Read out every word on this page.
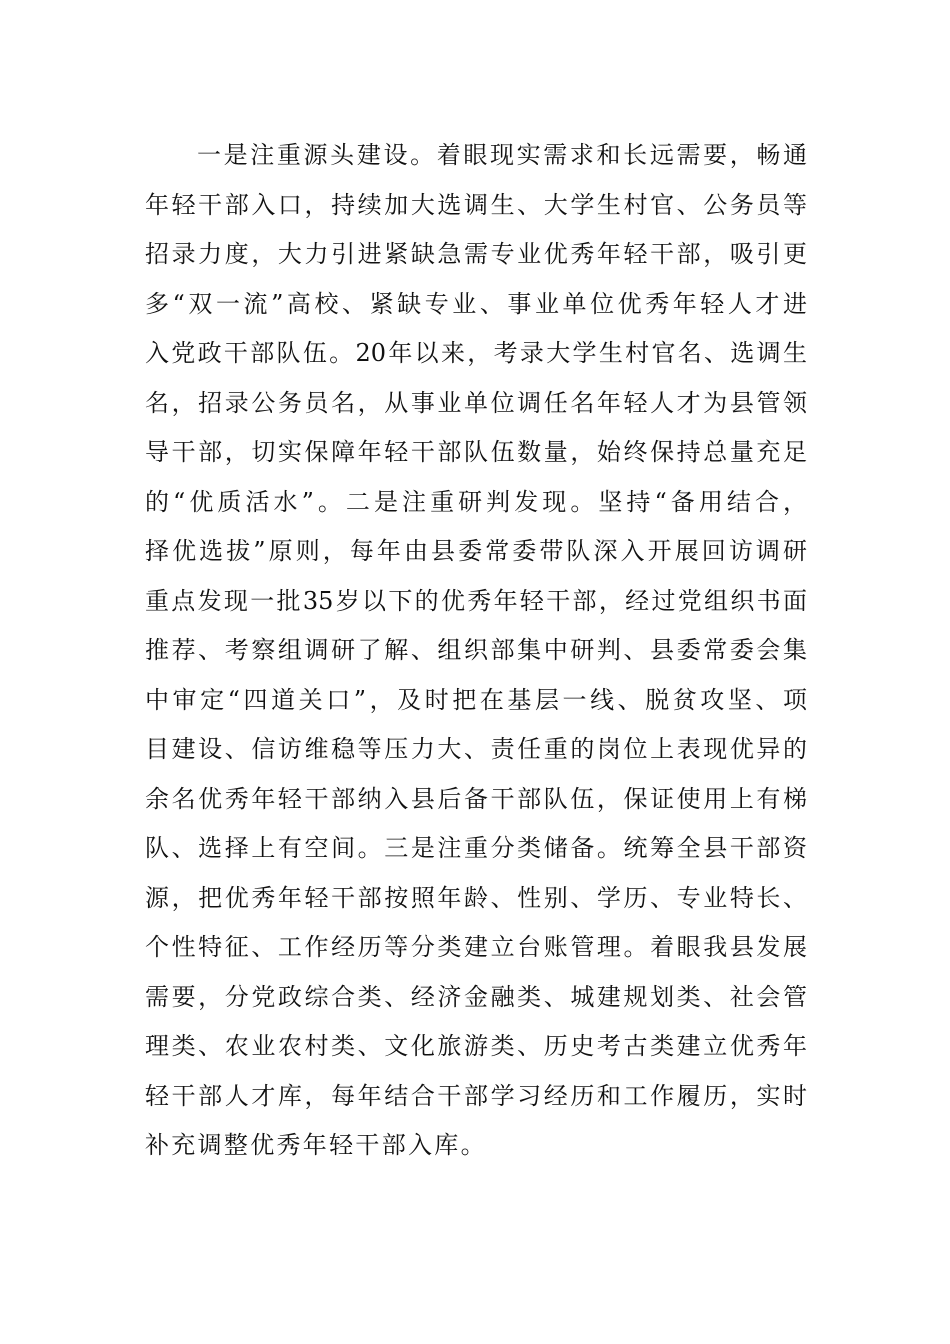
一是注重源头建设。着眼现实需求和长远需要，畅通
年轻干部入口，持续加大选调生、大学生村官、公务员等
招录力度，大力引进紧缺急需专业优秀年轻干部，吸引更
多“双一流”高校、紧缺专业、事业单位优秀年轻人才进
入党政干部队伍。20年以来，考录大学生村官名、选调生
名，招录公务员名，从事业单位调任名年轻人才为县管领
导干部，切实保障年轻干部队伍数量，始终保持总量充足
的“优质活水”。二是注重研判发现。坚持“备用结合，
择优选拔”原则，每年由县委常委带队深入开展回访调研
重点发现一批35岁以下的优秀年轻干部，经过党组织书面
推荐、考察组调研了解、组织部集中研判、县委常委会集
中审定“四道关口”，及时把在基层一线、脱贫攻坚、项
目建设、信访维稳等压力大、责任重的岗位上表现优异的
余名优秀年轻干部纳入县后备干部队伍，保证使用上有梯
队、选择上有空间。三是注重分类储备。统筹全县干部资
源，把优秀年轻干部按照年龄、性别、学历、专业特长、
个性特征、工作经历等分类建立台账管理。着眼我县发展
需要，分党政综合类、经济金融类、城建规划类、社会管
理类、农业农村类、文化旅游类、历史考古类建立优秀年
轻干部人才库，每年结合干部学习经历和工作履历，实时
补充调整优秀年轻干部入库。
